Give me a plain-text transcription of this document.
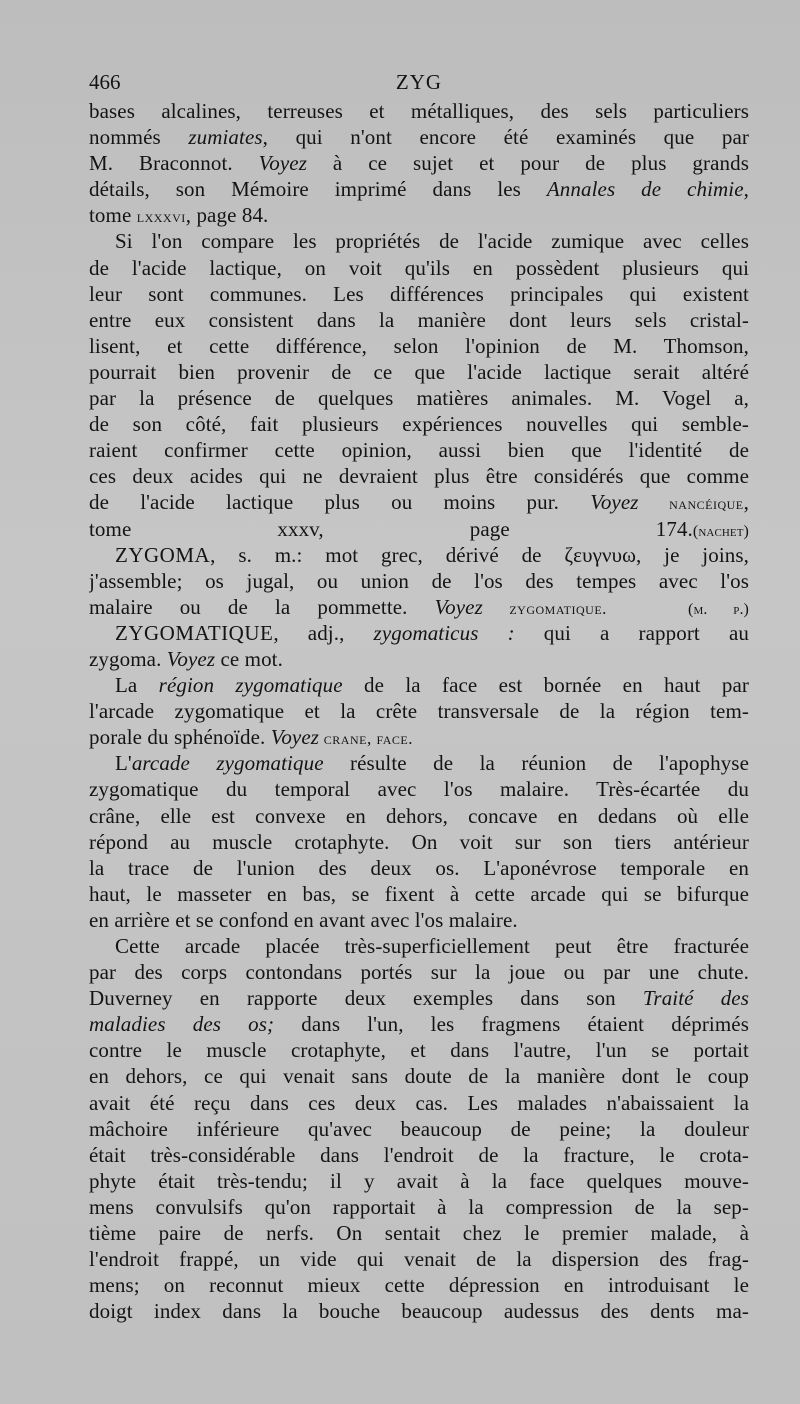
466	ZYG
bases alcalines, terreuses et métalliques, des sels particuliers
nommés zumiates, qui n'ont encore été examinés que par
M. Braconnot. Voyez à ce sujet et pour de plus grands
détails, son Mémoire imprimé dans les Annales de chimie,
tome lxxxvi, page 84.
Si l'on compare les propriétés de l'acide zumique avec celles
de l'acide lactique, on voit qu'ils en possèdent plusieurs qui
leur sont communes. Les différences principales qui existent
entre eux consistent dans la manière dont leurs sels cristal-
lisent, et cette différence, selon l'opinion de M. Thomson,
pourrait bien provenir de ce que l'acide lactique serait altéré
par la présence de quelques matières animales. M. Vogel a,
de son côté, fait plusieurs expériences nouvelles qui semble-
raient confirmer cette opinion, aussi bien que l'identité de
ces deux acides qui ne devraient plus être considérés que comme
de l'acide lactique plus ou moins pur. Voyez nancéique,
tome xxxv, page 174.(nachet)
ZYGOMA, s. m.: mot grec, dérivé de ζευγνυω, je joins,
j'assemble; os jugal, ou union de l'os des tempes avec l'os
malaire ou de la pommette. Voyez zygomatique.	(m. p.)
ZYGOMATIQUE, adj., zygomaticus : qui a rapport au
zygoma. Voyez ce mot.
La région zygomatique de la face est bornée en haut par
l'arcade zygomatique et la crête transversale de la région tem-
porale du sphénoïde. Voyez crane, face.
L'arcade zygomatique résulte de la réunion de l'apophyse
zygomatique du temporal avec l'os malaire. Très-écartée du
crâne, elle est convexe en dehors, concave en dedans où elle
répond au muscle crotaphyte. On voit sur son tiers antérieur
la trace de l'union des deux os. L'aponévrose temporale en
haut, le masseter en bas, se fixent à cette arcade qui se bifurque
en arrière et se confond en avant avec l'os malaire.
Cette arcade placée très-superficiellement peut être fracturée
par des corps contondans portés sur la joue ou par une chute.
Duverney en rapporte deux exemples dans son Traité des
maladies des os; dans l'un, les fragmens étaient déprimés
contre le muscle crotaphyte, et dans l'autre, l'un se portait
en dehors, ce qui venait sans doute de la manière dont le coup
avait été reçu dans ces deux cas. Les malades n'abaissaient la
mâchoire inférieure qu'avec beaucoup de peine; la douleur
était très-considérable dans l'endroit de la fracture, le crota-
phyte était très-tendu; il y avait à la face quelques mouve-
mens convulsifs qu'on rapportait à la compression de la sep-
tième paire de nerfs. On sentait chez le premier malade, à
l'endroit frappé, un vide qui venait de la dispersion des frag-
mens; on reconnut mieux cette dépression en introduisant le
doigt index dans la bouche beaucoup audessus des dents ma-
